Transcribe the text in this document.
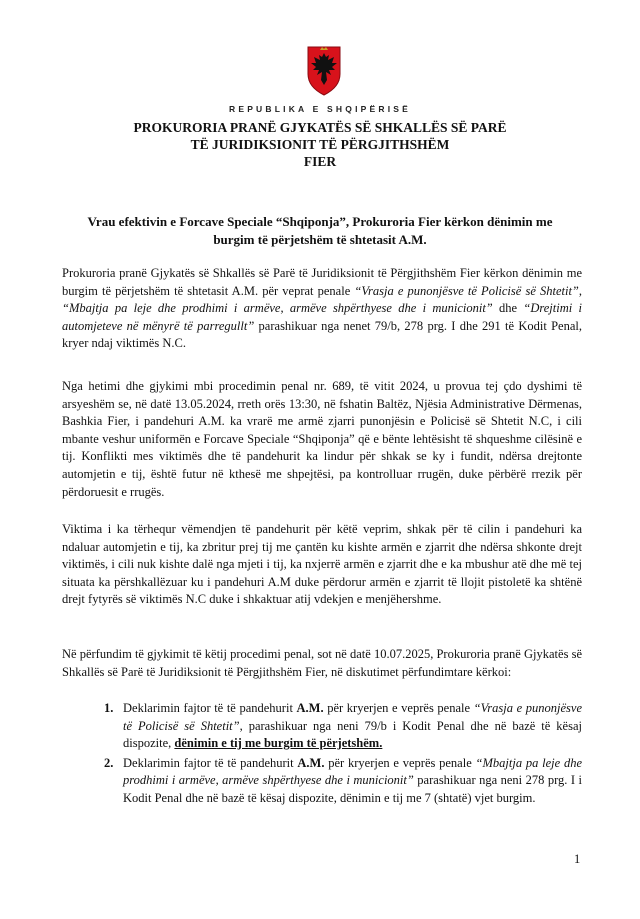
REPUBLIKA E SHQIPËRISË
PROKURORIA PRANË GJYKATËS SË SHKALLËS SË PARË
TË JURIDIKSIONIT TË PËRGJITHSHËM
FIER
Vrau efektivin e Forcave Speciale “Shqiponja”, Prokuroria Fier kërkon dënimin me
burgim të përjetshëm të shtetasit A.M.

Prokuroria pranë Gjykatës së Shkallës së Parë të Juridiksionit të Përgjithshëm Fier kërkon dënimin me burgim të përjetshëm të shtetasit A.M. për veprat penale “Vrasja e punonjësve të Policisë së Shtetit”, “Mbajtja pa leje dhe prodhimi i armëve, armëve shpërthyese dhe i municionit” dhe “Drejtimi i automjeteve në mënyrë të parregullt” parashikuar nga nenet 79/b, 278 prg. I dhe 291 të Kodit Penal, kryer ndaj viktimës N.C.

Nga hetimi dhe gjykimi mbi procedimin penal nr. 689, të vitit 2024, u provua tej çdo dyshimi të arsyeshëm se, në datë 13.05.2024, rreth orës 13:30, në fshatin Baltëz, Njësia Administrative Dërmenas, Bashkia Fier, i pandehuri A.M. ka vrarë me armë zjarri punonjësin e Policisë së Shtetit N.C, i cili mbante veshur uniformën e Forcave Speciale “Shqiponja” që e bënte lehtësisht të shqueshme cilësinë e tij. Konflikti mes viktimës dhe të pandehurit ka lindur për shkak se ky i fundit, ndërsa drejtonte automjetin e tij, është futur në kthesë me shpejtësi, pa kontrolluar rrugën, duke përbërë rrezik për përdoruesit e rrugës.

Viktima i ka tërhequr vëmendjen të pandehurit për këtë veprim, shkak për të cilin i pandehuri ka ndaluar automjetin e tij, ka zbritur prej tij me çantën ku kishte armën e zjarrit dhe ndërsa shkonte drejt viktimës, i cili nuk kishte dalë nga mjeti i tij, ka nxjerrë armën e zjarrit dhe e ka mbushur atë dhe më tej situata ka përshkallëzuar ku i pandehuri A.M duke përdorur armën e zjarrit të llojit pistoletë ka shtënë drejt fytyrës së viktimës N.C duke i shkaktuar atij vdekjen e menjëhershme.

Në përfundim të gjykimit të këtij procedimi penal, sot në datë 10.07.2025, Prokuroria pranë Gjykatës së Shkallës së Parë të Juridiksionit të Përgjithshëm Fier, në diskutimet përfundimtare kërkoi:

1. Deklarimin fajtor të të pandehurit A.M. për kryerjen e veprës penale “Vrasja e punonjësve të Policisë së Shtetit”, parashikuar nga neni 79/b i Kodit Penal dhe në bazë të kësaj dispozite, dënimin e tij me burgim të përjetshëm.
2. Deklarimin fajtor të të pandehurit A.M. për kryerjen e veprës penale “Mbajtja pa leje dhe prodhimi i armëve, armëve shpërthyese dhe i municionit” parashikuar nga neni 278 prg. I i Kodit Penal dhe në bazë të kësaj dispozite, dënimin e tij me 7 (shtatë) vjet burgim.
1
